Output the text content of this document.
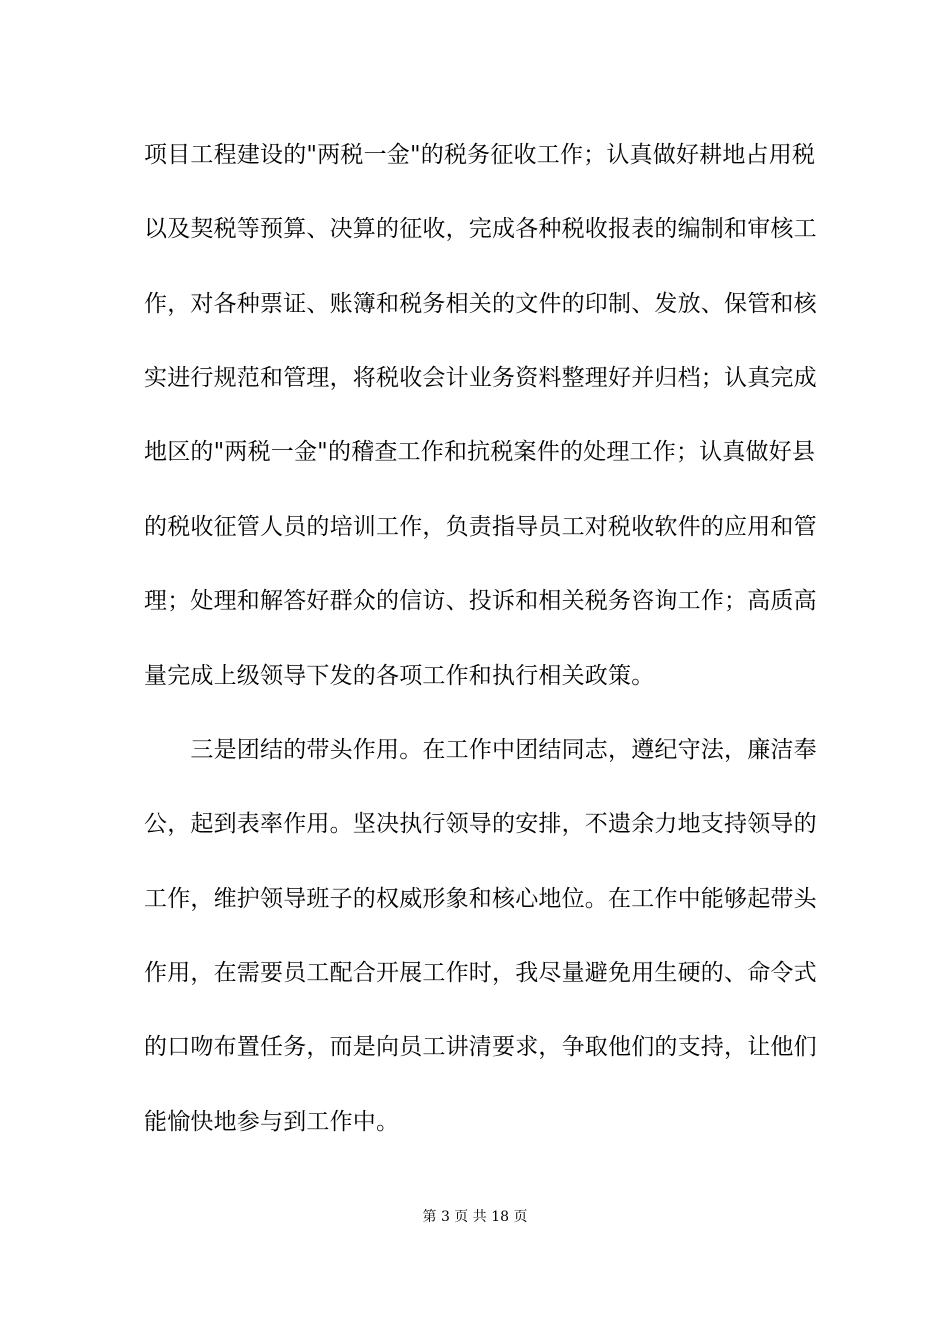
项目工程建设的"两税一金"的税务征收工作；认真做好耕地占用税
以及契税等预算、决算的征收，完成各种税收报表的编制和审核工
作，对各种票证、账簿和税务相关的文件的印制、发放、保管和核
实进行规范和管理，将税收会计业务资料整理好并归档；认真完成
地区的"两税一金"的稽查工作和抗税案件的处理工作；认真做好县
的税收征管人员的培训工作，负责指导员工对税收软件的应用和管
理；处理和解答好群众的信访、投诉和相关税务咨询工作；高质高
量完成上级领导下发的各项工作和执行相关政策。
　　三是团结的带头作用。在工作中团结同志，遵纪守法，廉洁奉
公，起到表率作用。坚决执行领导的安排，不遗余力地支持领导的
工作，维护领导班子的权威形象和核心地位。在工作中能够起带头
作用，在需要员工配合开展工作时，我尽量避免用生硬的、命令式
的口吻布置任务，而是向员工讲清要求，争取他们的支持，让他们
能愉快地参与到工作中。
第 3 页 共 18 页
